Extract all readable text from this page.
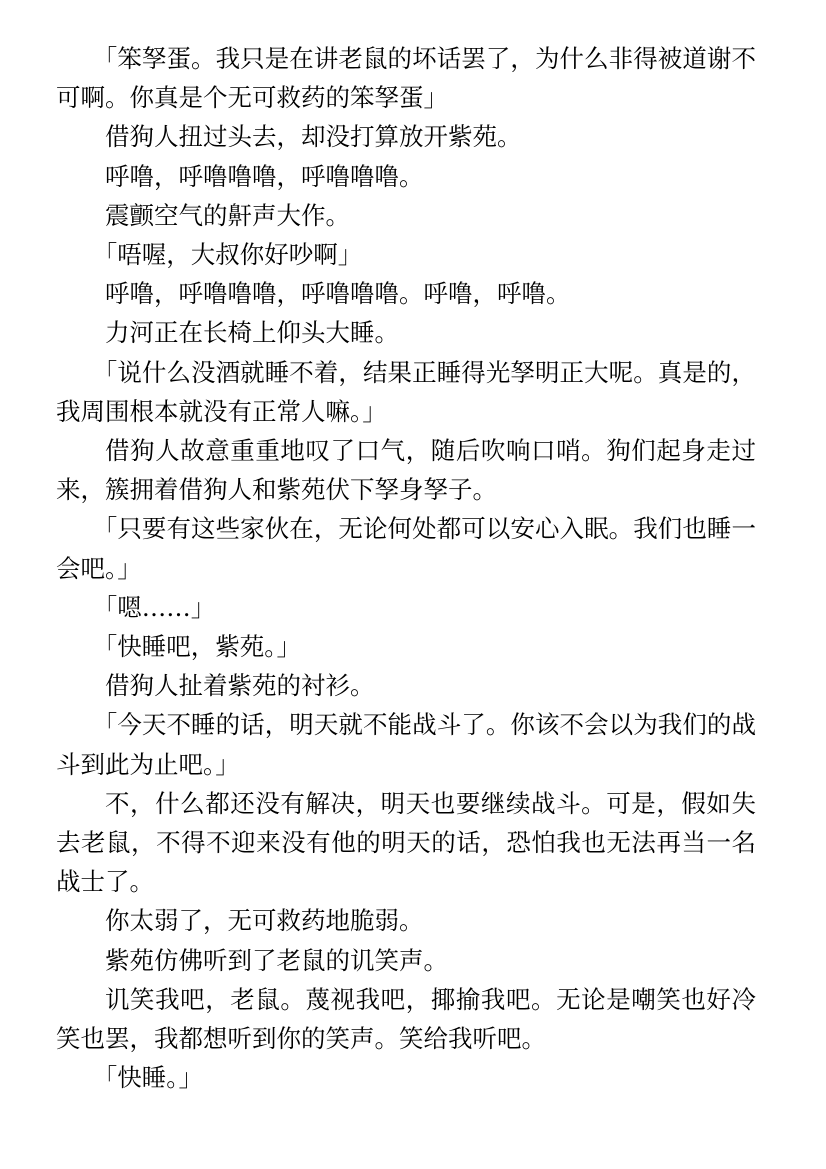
「笨孥蛋。我只是在讲老鼠的坏话罢了，为什么非得被道谢不可啊。你真是个无可救药的笨孥蛋」

借狗人扭过头去，却没打算放开紫苑。

呼噜，呼噜噜噜，呼噜噜噜。

震颤空气的鼾声大作。

「唔喔，大叔你好吵啊」

呼噜，呼噜噜噜，呼噜噜噜。呼噜，呼噜。

力河正在长椅上仰头大睡。

「说什么没酒就睡不着，结果正睡得光孥明正大呢。真是的，我周围根本就没有正常人嘛。」

借狗人故意重重地叹了口气，随后吹响口哨。狗们起身走过来，簇拥着借狗人和紫苑伏下孥身孥子。

「只要有这些家伙在，无论何处都可以安心入眠。我们也睡一会吧。」

「嗯……」

「快睡吧，紫苑。」

借狗人扯着紫苑的衬衫。

「今天不睡的话，明天就不能战斗了。你该不会以为我们的战斗到此为止吧。」

不，什么都还没有解决，明天也要继续战斗。可是，假如失去老鼠，不得不迎来没有他的明天的话，恐怕我也无法再当一名战士了。

你太弱了，无可救药地脆弱。

紫苑仿佛听到了老鼠的讥笑声。

讥笑我吧，老鼠。蔑视我吧，揶揄我吧。无论是嘲笑也好冷笑也罢，我都想听到你的笑声。笑给我听吧。

「快睡。」
